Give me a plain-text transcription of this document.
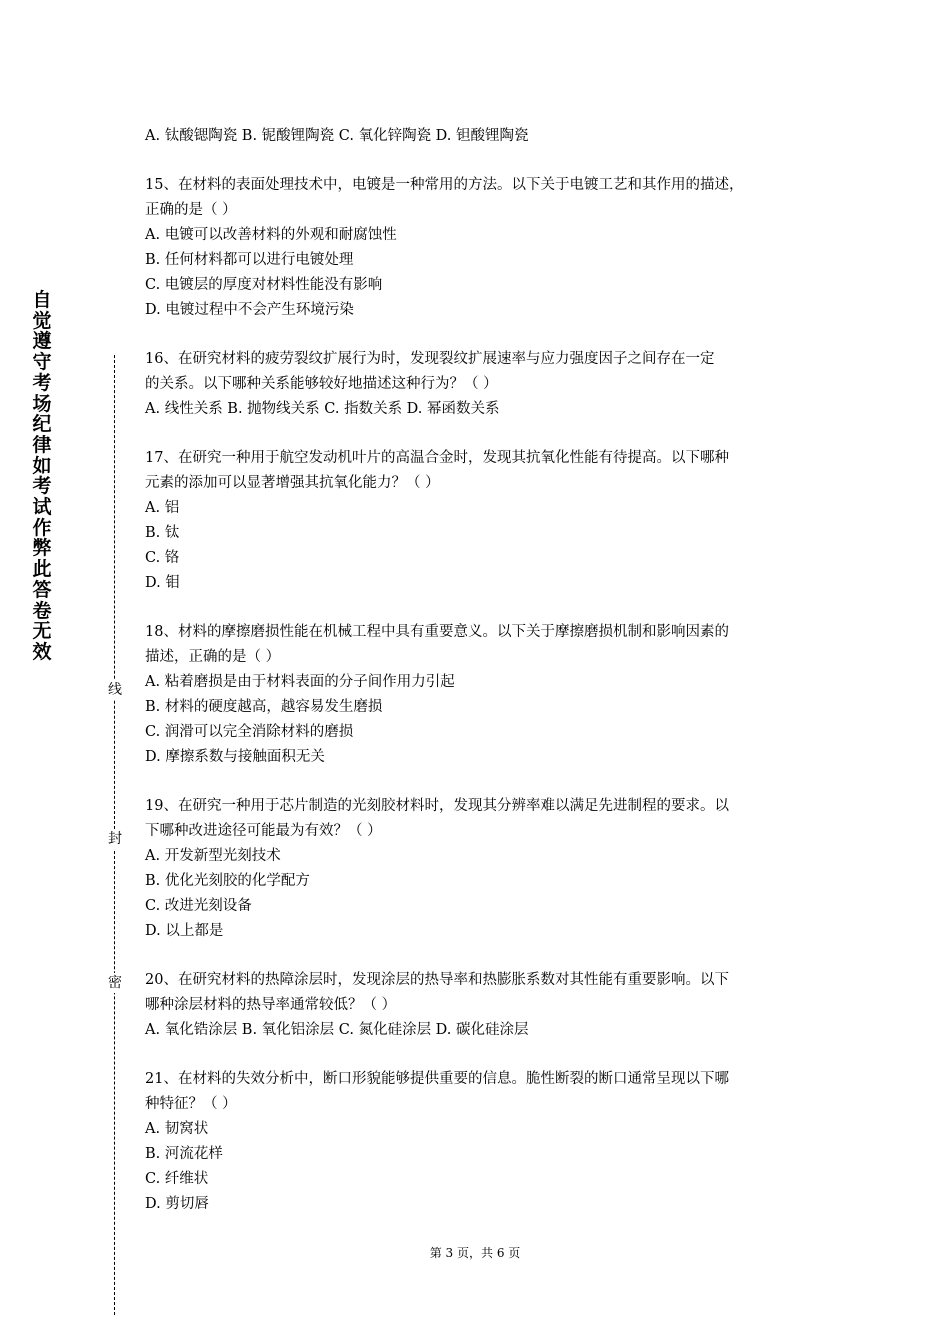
自觉遵守考场纪律如考试作弊此答卷无效
线
封
密
A. 钛酸锶陶瓷 B. 铌酸锂陶瓷 C. 氧化锌陶瓷 D. 钽酸锂陶瓷
15、在材料的表面处理技术中，电镀是一种常用的方法。以下关于电镀工艺和其作用的描述，
正确的是（ ）
A. 电镀可以改善材料的外观和耐腐蚀性
B. 任何材料都可以进行电镀处理
C. 电镀层的厚度对材料性能没有影响
D. 电镀过程中不会产生环境污染
16、在研究材料的疲劳裂纹扩展行为时，发现裂纹扩展速率与应力强度因子之间存在一定
的关系。以下哪种关系能够较好地描述这种行为？（ ）
A. 线性关系 B. 抛物线关系 C. 指数关系 D. 幂函数关系
17、在研究一种用于航空发动机叶片的高温合金时，发现其抗氧化性能有待提高。以下哪种
元素的添加可以显著增强其抗氧化能力？（ ）
A. 铝
B. 钛
C. 铬
D. 钼
18、材料的摩擦磨损性能在机械工程中具有重要意义。以下关于摩擦磨损机制和影响因素的
描述，正确的是（ ）
A. 粘着磨损是由于材料表面的分子间作用力引起
B. 材料的硬度越高，越容易发生磨损
C. 润滑可以完全消除材料的磨损
D. 摩擦系数与接触面积无关
19、在研究一种用于芯片制造的光刻胶材料时，发现其分辨率难以满足先进制程的要求。以
下哪种改进途径可能最为有效？（ ）
A. 开发新型光刻技术
B. 优化光刻胶的化学配方
C. 改进光刻设备
D. 以上都是
20、在研究材料的热障涂层时，发现涂层的热导率和热膨胀系数对其性能有重要影响。以下
哪种涂层材料的热导率通常较低？（ ）
A. 氧化锆涂层 B. 氧化铝涂层 C. 氮化硅涂层 D. 碳化硅涂层
21、在材料的失效分析中，断口形貌能够提供重要的信息。脆性断裂的断口通常呈现以下哪
种特征？（ ）
A. 韧窝状
B. 河流花样
C. 纤维状
D. 剪切唇
第 3 页，共 6 页
